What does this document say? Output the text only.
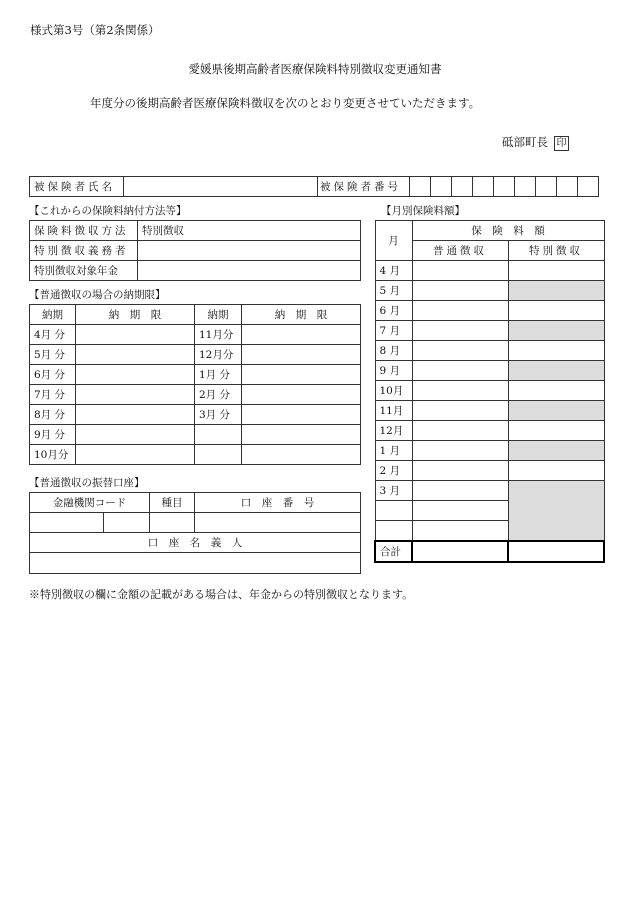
様式第3号（第2条関係）
愛媛県後期高齢者医療保険料特別徴収変更通知書
年度分の後期高齢者医療保険料徴収を次のとおり変更させていただきます。
砥部町長 印
被保険者氏名		被保険者番号									
【これからの保険料納付方法等】
保険料徴収方法	特別徴収
特別徴収義務者	
特別徴収対象年金	
【普通徴収の場合の納期限】
納期	納　期　限	納期	納　期　限
4月 分		11月分	
5月 分		12月分	
6月 分		1月 分	
7月 分		2月 分	
8月 分		3月 分	
9月 分			
10月分			
【普通徴収の振替口座】
金融機関コード		種目	口　座　番　号

口　座　名　義　人			

【月別保険料額】
月	保　険　料　額	
	普通徴収	特別徴収
4 月		
5 月		
6 月		
7 月		
8 月		
9 月		
10月		
11月		
12月		
1 月		
2 月		
3 月		

合計		
※特別徴収の欄に金額の記載がある場合は、年金からの特別徴収となります。
